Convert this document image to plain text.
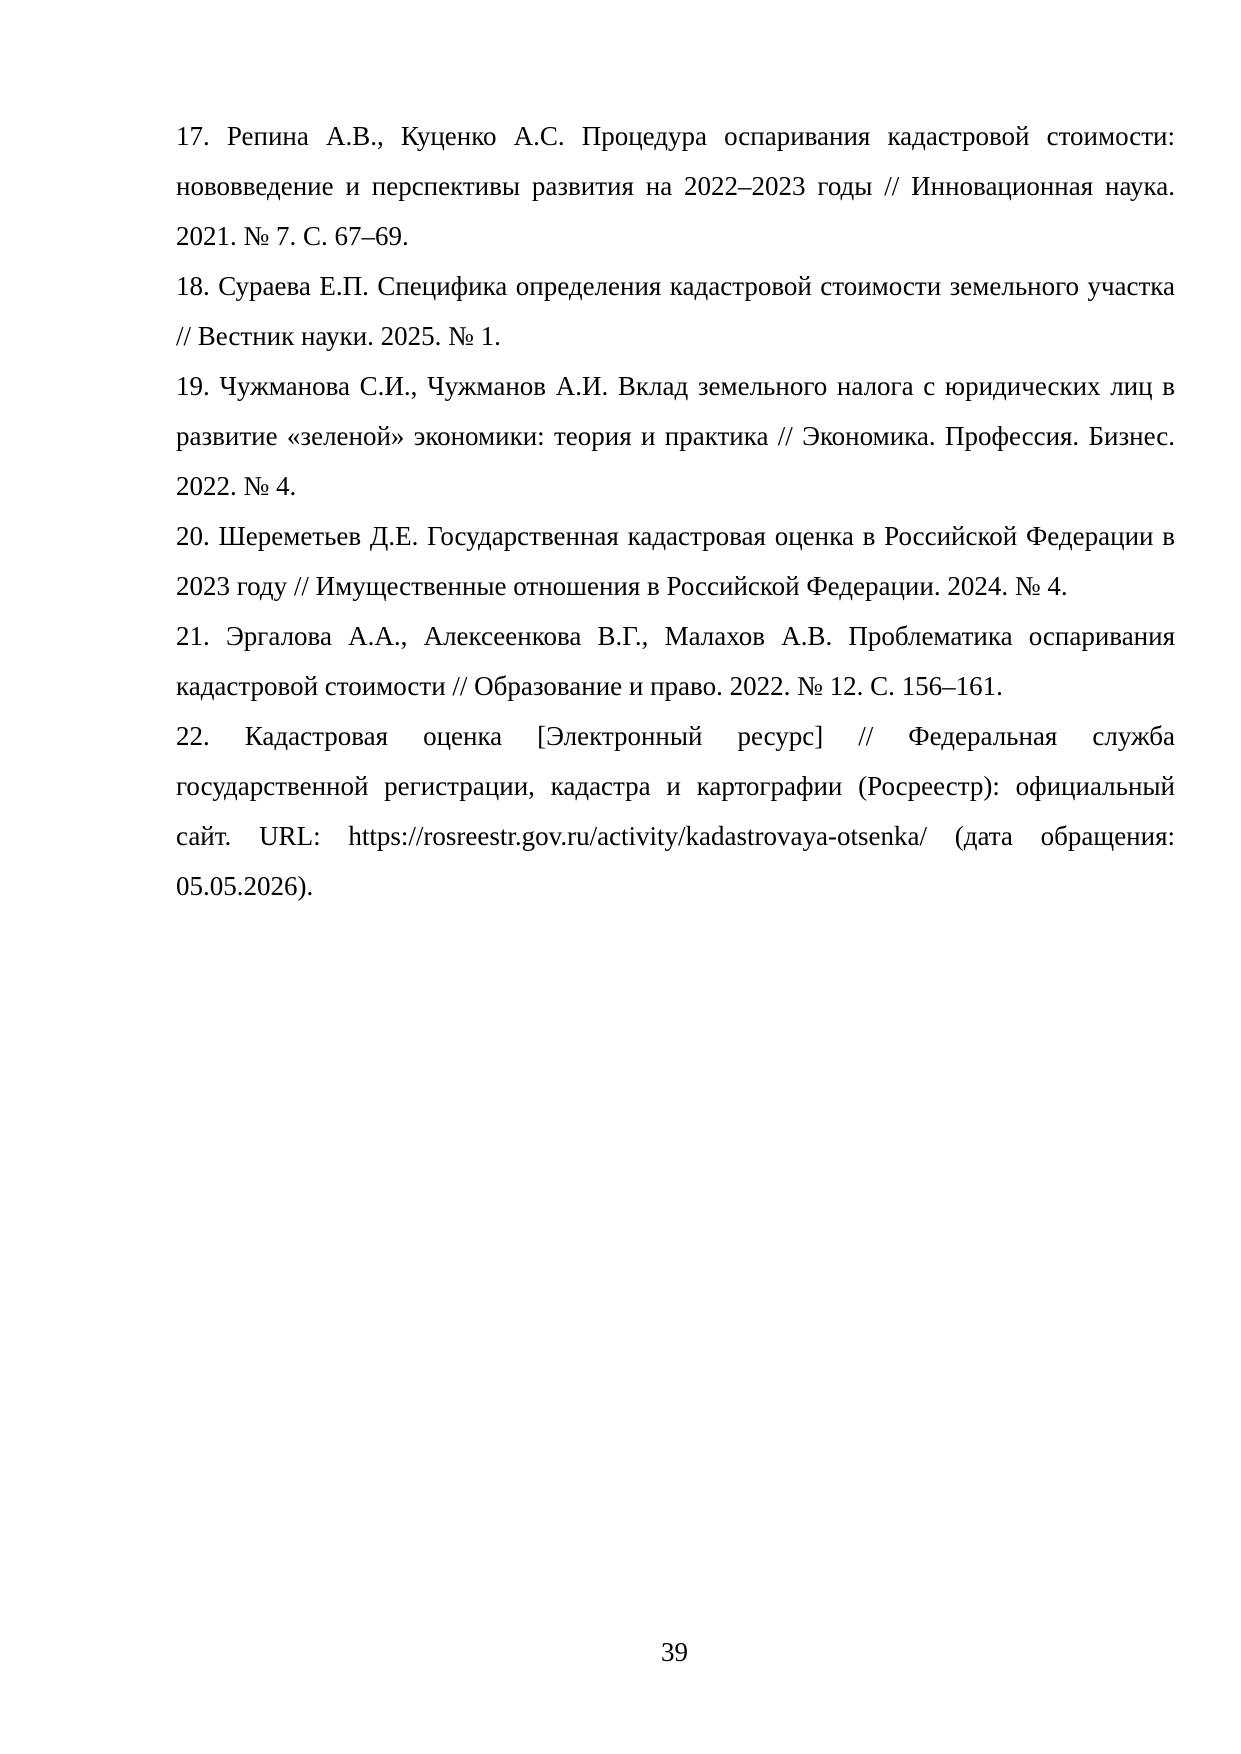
17. Репина А.В., Куценко А.С. Процедура оспаривания кадастровой стоимости: нововведение и перспективы развития на 2022–2023 годы // Инновационная наука. 2021. № 7. С. 67–69.

18. Сураева Е.П. Специфика определения кадастровой стоимости земельного участка // Вестник науки. 2025. № 1.

19. Чужманова С.И., Чужманов А.И. Вклад земельного налога с юридических лиц в развитие «зеленой» экономики: теория и практика // Экономика. Профессия. Бизнес. 2022. № 4.

20. Шереметьев Д.Е. Государственная кадастровая оценка в Российской Федерации в 2023 году // Имущественные отношения в Российской Федерации. 2024. № 4.

21. Эргалова А.А., Алексеенкова В.Г., Малахов А.В. Проблематика оспаривания кадастровой стоимости // Образование и право. 2022. № 12. С. 156–161.

22. Кадастровая оценка [Электронный ресурс] // Федеральная служба государственной регистрации, кадастра и картографии (Росреестр): официальный сайт. URL: https://rosreestr.gov.ru/activity/kadastrovaya-otsenka/ (дата обращения: 05.05.2026).

39
